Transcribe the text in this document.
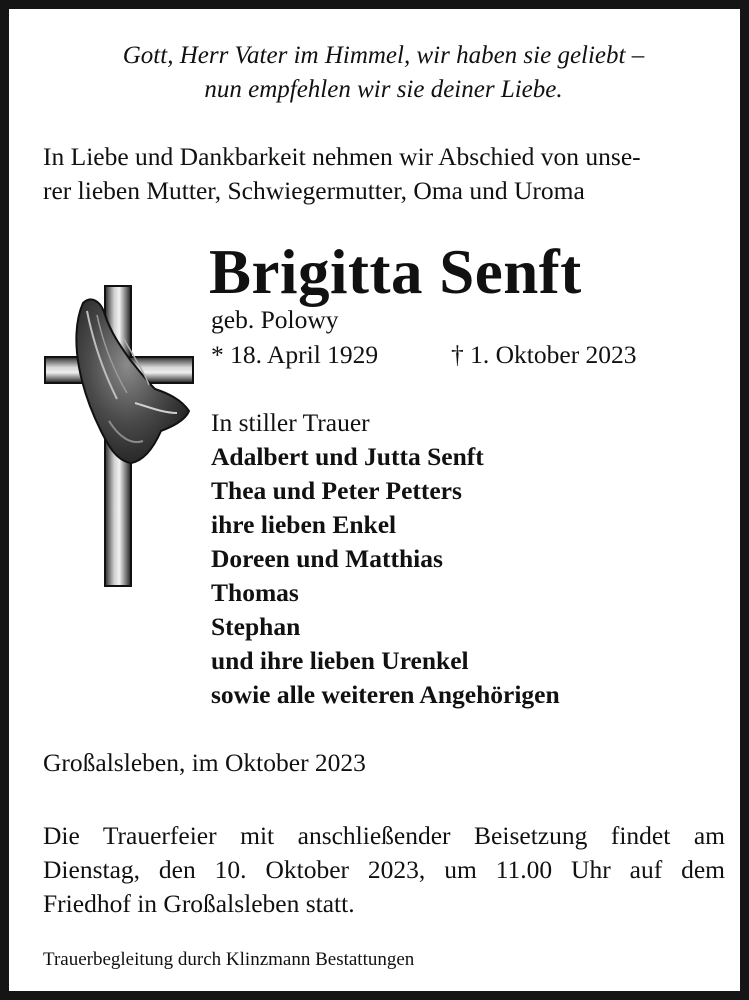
Gott, Herr Vater im Himmel, wir haben sie geliebt –
nun empfehlen wir sie deiner Liebe.
In Liebe und Dankbarkeit nehmen wir Abschied von unse-
rer lieben Mutter, Schwiegermutter, Oma und Uroma
Brigitta Senft
geb. Polowy
* 18. April 1929	† 1. Oktober 2023
In stiller Trauer
Adalbert und Jutta Senft
Thea und Peter Petters
ihre lieben Enkel
Doreen und Matthias
Thomas
Stephan
und ihre lieben Urenkel
sowie alle weiteren Angehörigen
Großalsleben, im Oktober 2023
Die Trauerfeier mit anschließender Beisetzung findet am
Dienstag, den 10. Oktober 2023, um 11.00 Uhr auf dem
Friedhof in Großalsleben statt.
Trauerbegleitung durch Klinzmann Bestattungen
